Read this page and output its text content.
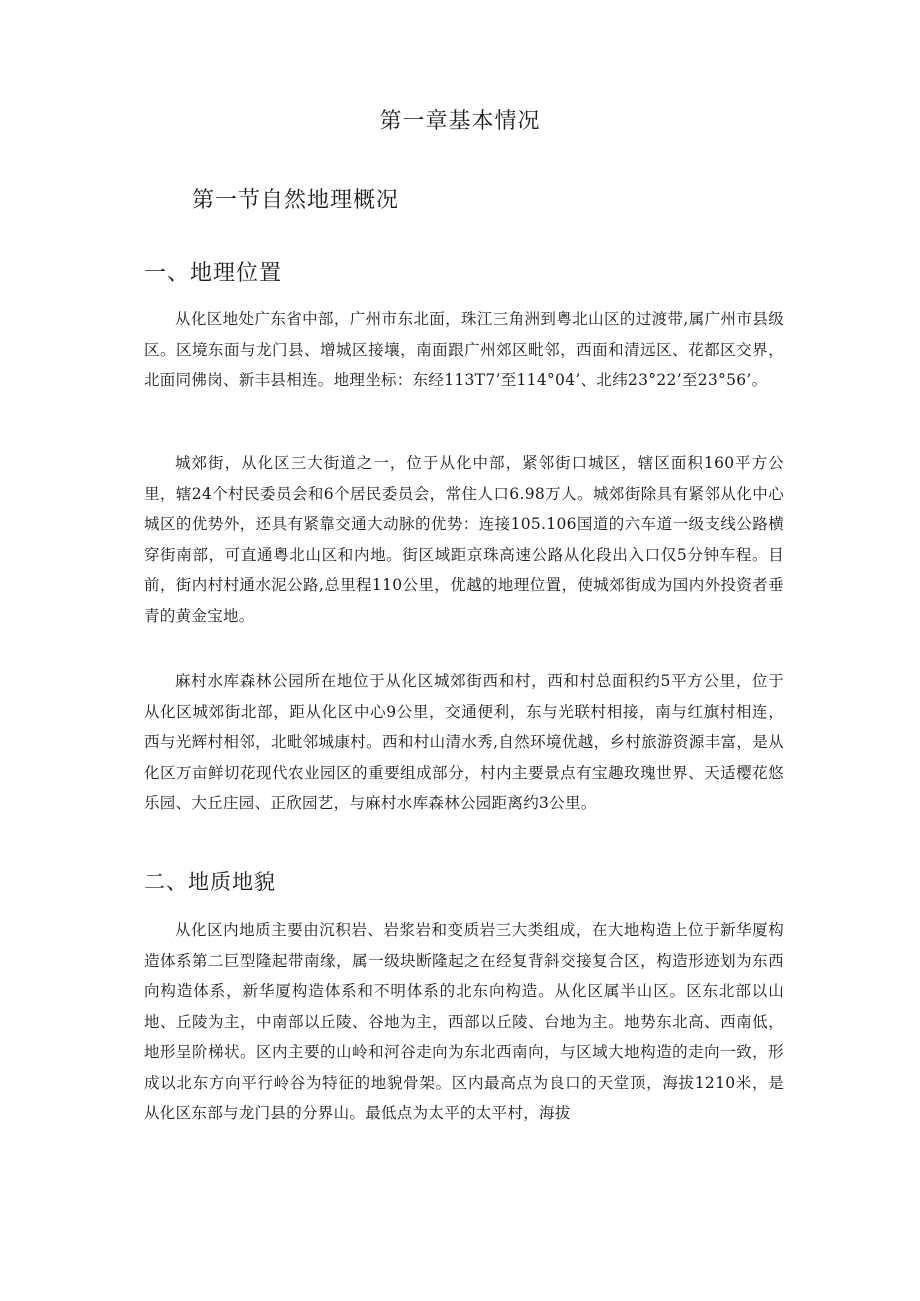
第一章基本情况
第一节自然地理概况
一、地理位置

从化区地处广东省中部，广州市东北面，珠江三角洲到粤北山区的过渡带,属广州市县级区。区境东面与龙门县、增城区接壤，南面跟广州郊区毗邻，西面和清远区、花都区交界，北面同佛岗、新丰县相连。地理坐标：东经113T7’至114°04’、北纬23°22’至23°56’。

城郊街，从化区三大街道之一，位于从化中部，紧邻街口城区，辖区面积160平方公里，辖24个村民委员会和6个居民委员会，常住人口6.98万人。城郊街除具有紧邻从化中心城区的优势外，还具有紧靠交通大动脉的优势：连接105.106国道的六车道一级支线公路横穿街南部，可直通粤北山区和内地。街区域距京珠高速公路从化段出入口仅5分钟车程。目前，街内村村通水泥公路,总里程110公里，优越的地理位置，使城郊街成为国内外投资者垂青的黄金宝地。

麻村水库森林公园所在地位于从化区城郊街西和村，西和村总面积约5平方公里，位于从化区城郊街北部，距从化区中心9公里，交通便利，东与光联村相接，南与红旗村相连，西与光辉村相邻，北毗邻城康村。西和村山清水秀,自然环境优越，乡村旅游资源丰富，是从化区万亩鲜切花现代农业园区的重要组成部分，村内主要景点有宝趣玫瑰世界、天适樱花悠乐园、大丘庄园、正欣园艺，与麻村水库森林公园距离约3公里。

二、地质地貌

从化区内地质主要由沉积岩、岩浆岩和变质岩三大类组成，在大地构造上位于新华厦构造体系第二巨型隆起带南缘，属一级块断隆起之在经复背斜交接复合区，构造形迹划为东西向构造体系，新华厦构造体系和不明体系的北东向构造。从化区属半山区。区东北部以山地、丘陵为主，中南部以丘陵、谷地为主，西部以丘陵、台地为主。地势东北高、西南低，地形呈阶梯状。区内主要的山岭和河谷走向为东北西南向，与区域大地构造的走向一致，形成以北东方向平行岭谷为特征的地貌骨架。区内最高点为良口的天堂顶，海拔1210米，是从化区东部与龙门县的分界山。最低点为太平的太平村，海拔
